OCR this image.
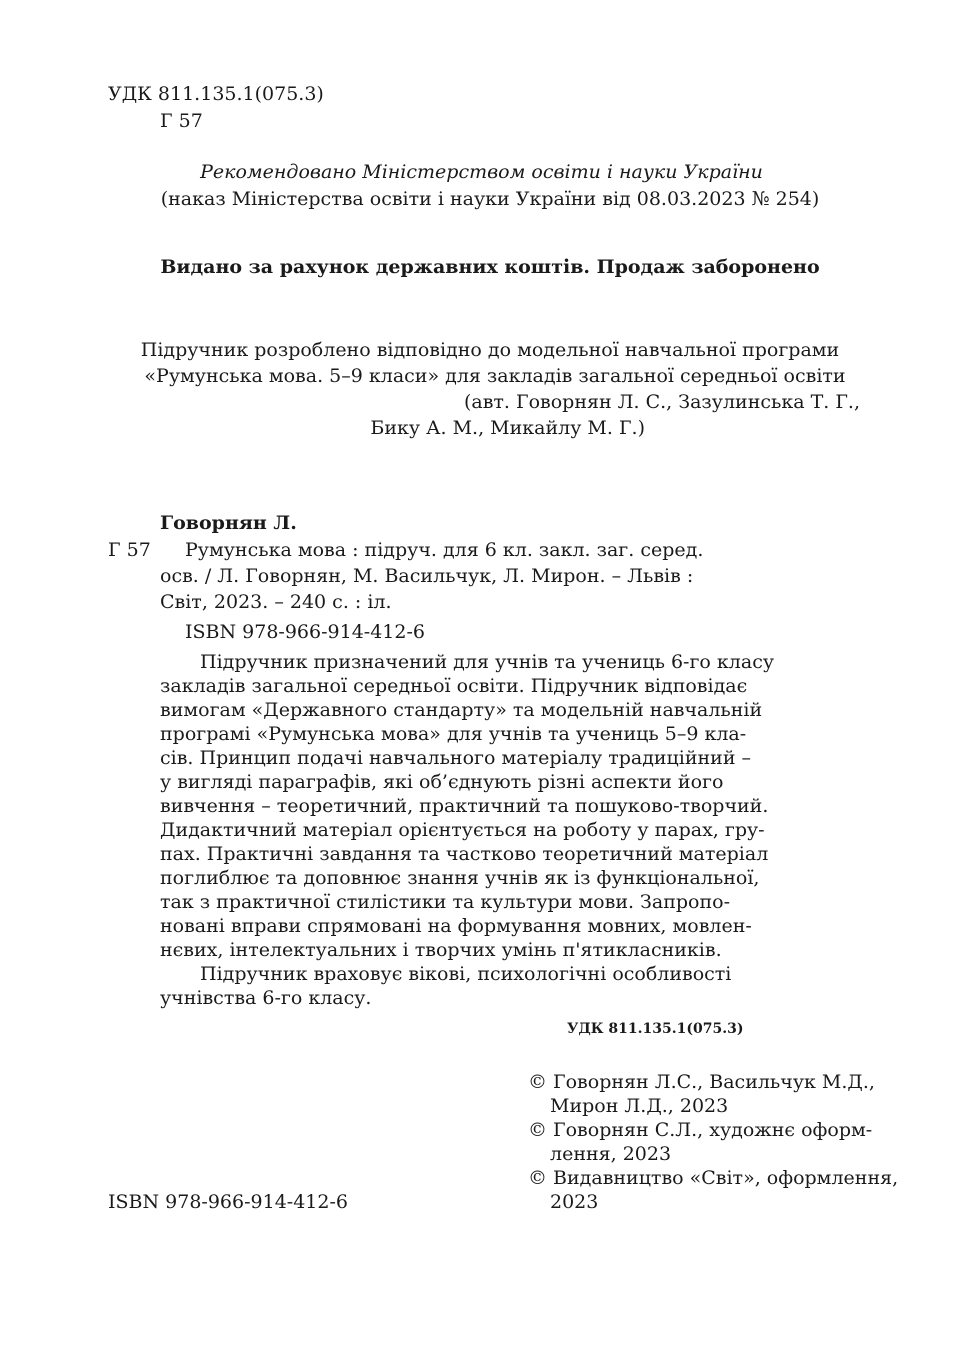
УДК 811.135.1(075.3)
Г 57
Рекомендовано Міністерством освіти і науки України
(наказ Міністерства освіти і науки України від 08.03.2023 № 254)
Видано за рахунок державних коштів. Продаж заборонено
Підручник розроблено відповідно до модельної навчальної програми
«Румунська мова. 5–9 класи» для закладів загальної середньої освіти
(авт. Говорнян Л. С., Зазулинська Т. Г.,
Бику А. М., Микайлу М. Г.)
Говорнян Л.
Г 57 Румунська мова : підруч. для 6 кл. закл. заг. серед.
осв. / Л. Говорнян, М. Васильчук, Л. Мирон. – Львів :
Світ, 2023. – 240 с. : іл.
ISBN 978-966-914-412-6
Підручник призначений для учнів та учениць 6-го класу
закладів загальної середньої освіти. Підручник відповідає
вимогам «Державного стандарту» та модельній навчальній
програмі «Румунська мова» для учнів та учениць 5–9 кла-
сів. Принцип подачі навчального матеріалу традиційний –
у вигляді параграфів, які об’єднують різні аспекти його
вивчення – теоретичний, практичний та пошуково-творчий.
Дидактичний матеріал орієнтується на роботу у парах, гру-
пах. Практичні завдання та частково теоретичний матеріал
поглиблює та доповнює знання учнів як із функціональної,
так з практичної стилістики та культури мови. Запропо-
новані вправи спрямовані на формування мовних, мовлен-
нєвих, інтелектуальних і творчих умінь п'ятикласників.
Підручник враховує вікові, психологічні особливості
учнівства 6-го класу.
УДК 811.135.1(075.3)
© Говорнян Л.С., Васильчук М.Д.,
Мирон Л.Д., 2023
© Говорнян С.Л., художнє оформ-
лення, 2023
© Видавництво «Світ», оформлення,
2023
ISBN 978-966-914-412-6
